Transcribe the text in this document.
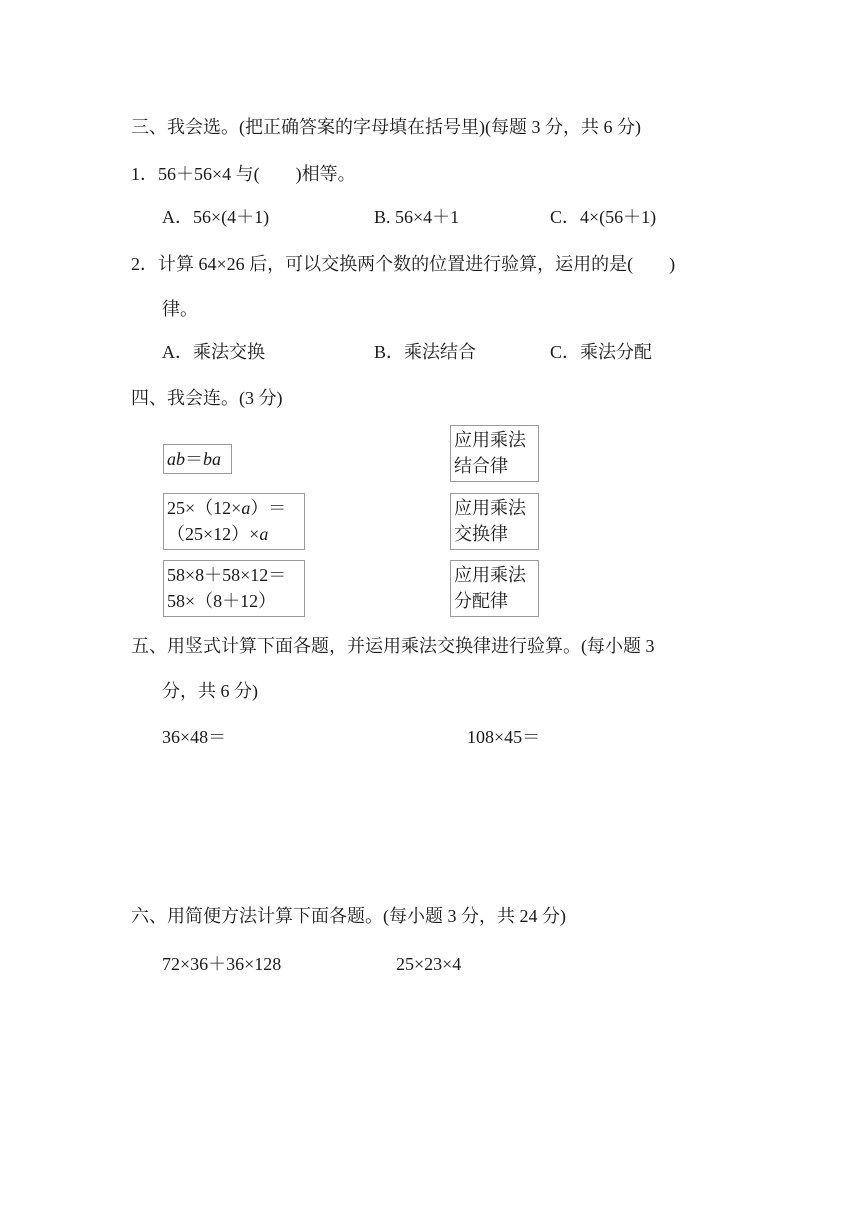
三、我会选。(把正确答案的字母填在括号里)(每题 3 分，共 6 分)
1．56＋56×4 与(　　)相等。
A．56×(4＋1)	B. 56×4＋1	C．4×(56＋1)
2．计算 64×26 后，可以交换两个数的位置进行验算，运用的是(　　)
律。
A．乘法交换	B．乘法结合	C．乘法分配
四、我会连。(3 分)
ab＝ba
25×（12×a）＝
（25×12）×a
58×8＋58×12＝
58×（8＋12）
应用乘法
结合律
应用乘法
交换律
应用乘法
分配律
五、用竖式计算下面各题，并运用乘法交换律进行验算。(每小题 3
分，共 6 分)
36×48＝	108×45＝
六、用简便方法计算下面各题。(每小题 3 分，共 24 分)
72×36＋36×128	25×23×4
